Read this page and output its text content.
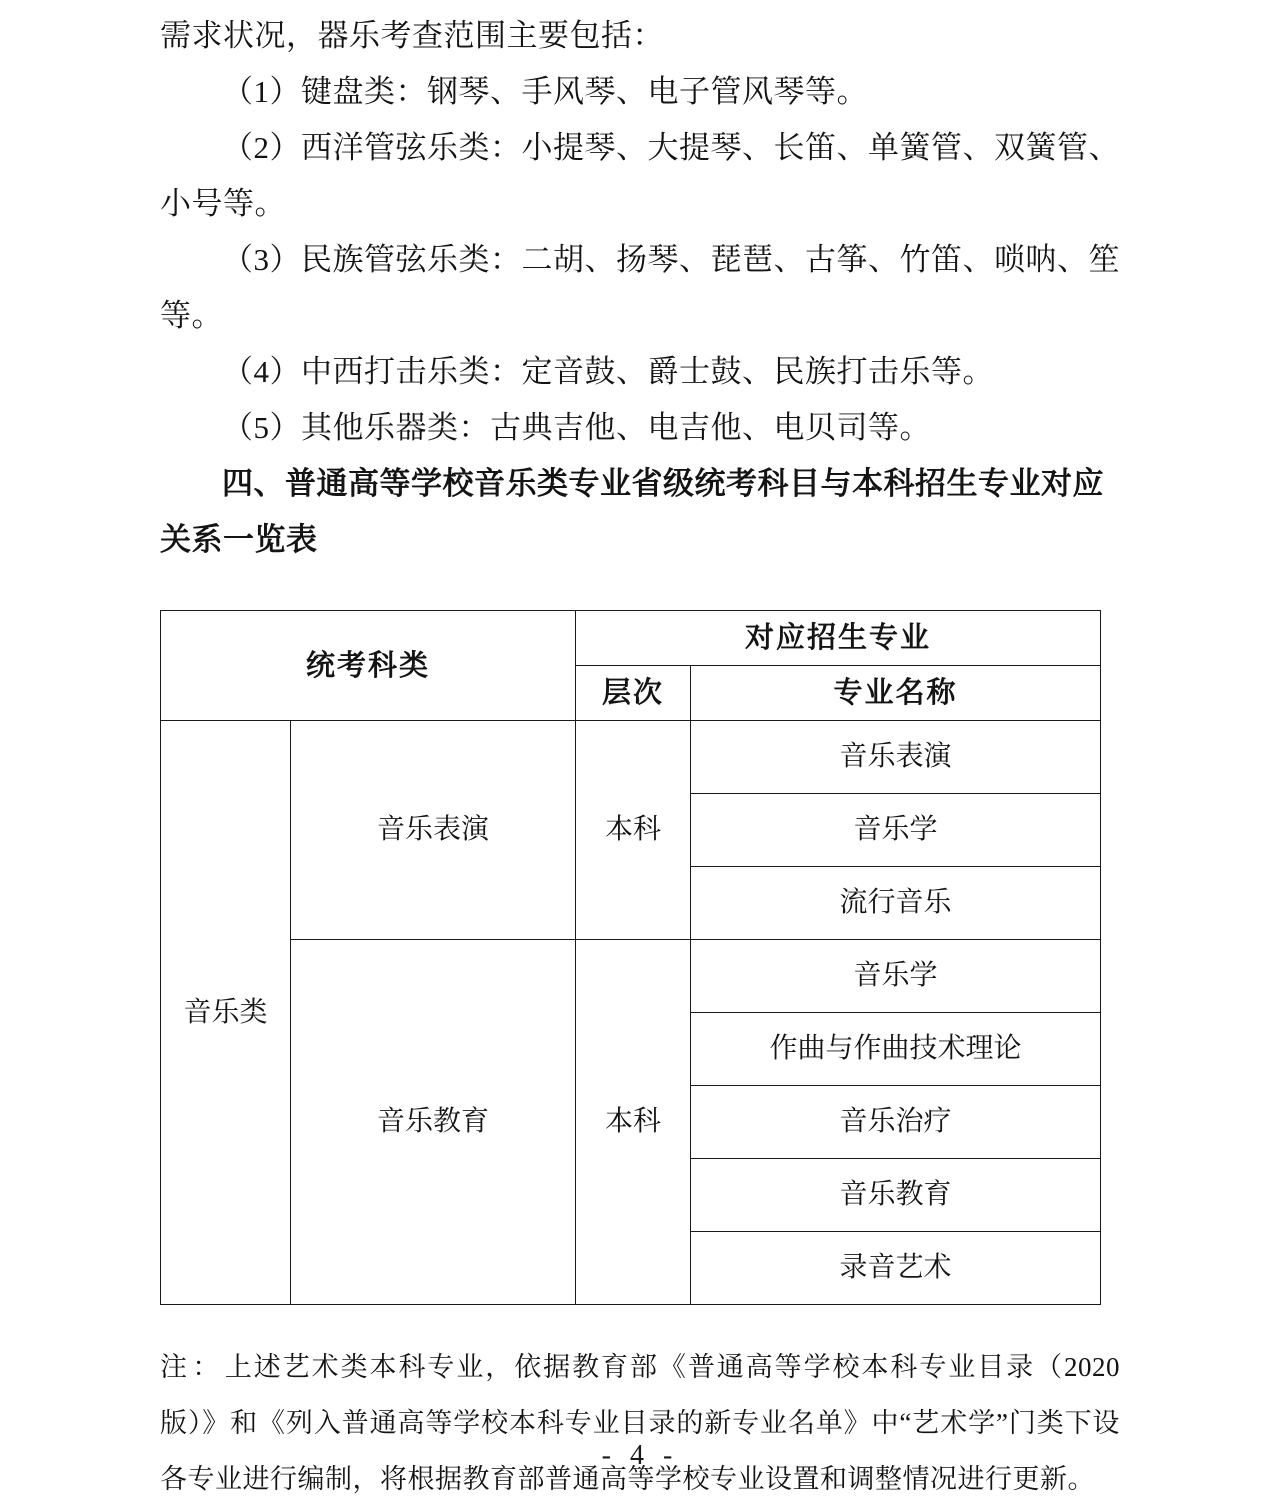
需求状况，器乐考查范围主要包括：

（1）键盘类：钢琴、手风琴、电子管风琴等。

（2）西洋管弦乐类：小提琴、大提琴、长笛、单簧管、双簧管、小号等。

（3）民族管弦乐类：二胡、扬琴、琵琶、古筝、竹笛、唢呐、笙等。

（4）中西打击乐类：定音鼓、爵士鼓、民族打击乐等。

（5）其他乐器类：古典吉他、电吉他、电贝司等。

四、普通高等学校音乐类专业省级统考科目与本科招生专业对应关系一览表

统考科类		对应招生专业	
		层次	专业名称
音乐类	音乐表演	本科	音乐表演
			音乐学
			流行音乐
	音乐教育	本科	音乐学
			作曲与作曲技术理论
			音乐治疗
			音乐教育
			录音艺术

注：上述艺术类本科专业，依据教育部《普通高等学校本科专业目录（2020版）》和《列入普通高等学校本科专业目录的新专业名单》中“艺术学”门类下设各专业进行编制，将根据教育部普通高等学校专业设置和调整情况进行更新。

- 4 -
